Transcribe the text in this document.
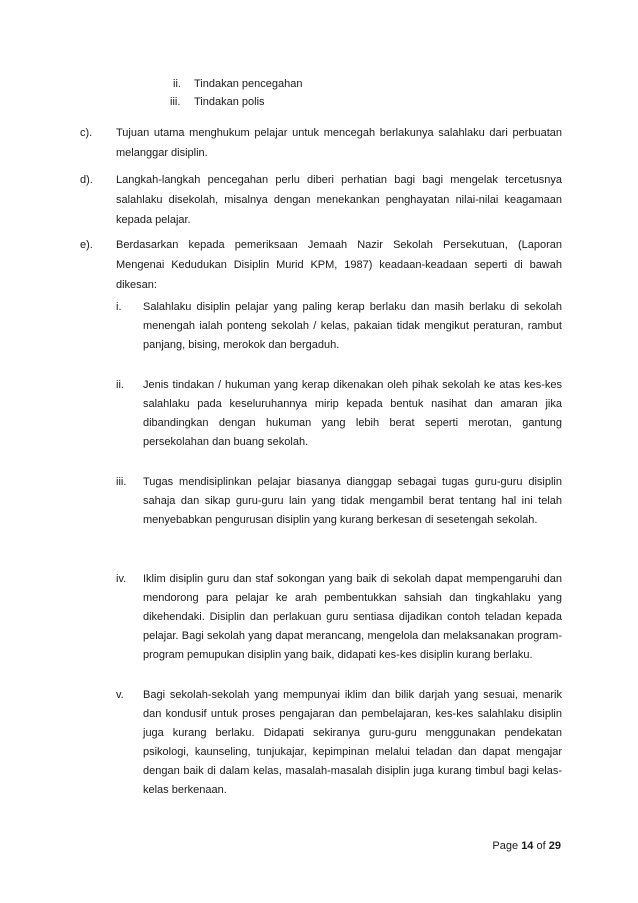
ii. Tindakan pencegahan
iii. Tindakan polis
c). Tujuan utama menghukum pelajar untuk mencegah berlakunya salahlaku dari perbuatan melanggar disiplin.
d). Langkah-langkah pencegahan perlu diberi perhatian bagi bagi mengelak tercetusnya salahlaku disekolah, misalnya dengan menekankan penghayatan nilai-nilai keagamaan kepada pelajar.
e). Berdasarkan kepada pemeriksaan Jemaah Nazir Sekolah Persekutuan, (Laporan Mengenai Kedudukan Disiplin Murid KPM, 1987) keadaan-keadaan seperti di bawah dikesan:
i. Salahlaku disiplin pelajar yang paling kerap berlaku dan masih berlaku di sekolah menengah ialah ponteng sekolah / kelas, pakaian tidak mengikut peraturan, rambut panjang, bising, merokok dan bergaduh.
ii. Jenis tindakan / hukuman yang kerap dikenakan oleh pihak sekolah ke atas kes-kes salahlaku pada keseluruhannya mirip kepada bentuk nasihat dan amaran jika dibandingkan dengan hukuman yang lebih berat seperti merotan, gantung persekolahan dan buang sekolah.
iii. Tugas mendisiplinkan pelajar biasanya dianggap sebagai tugas guru-guru disiplin sahaja dan sikap guru-guru lain yang tidak mengambil berat tentang hal ini telah menyebabkan pengurusan disiplin yang kurang berkesan di sesetengah sekolah.
iv. Iklim disiplin guru dan staf sokongan yang baik di sekolah dapat mempengaruhi dan mendorong para pelajar ke arah pembentukkan sahsiah dan tingkahlaku yang dikehendaki. Disiplin dan perlakuan guru sentiasa dijadikan contoh teladan kepada pelajar. Bagi sekolah yang dapat merancang, mengelola dan melaksanakan program-program pemupukan disiplin yang baik, didapati kes-kes disiplin kurang berlaku.
v. Bagi sekolah-sekolah yang mempunyai iklim dan bilik darjah yang sesuai, menarik dan kondusif untuk proses pengajaran dan pembelajaran, kes-kes salahlaku disiplin juga kurang berlaku. Didapati sekiranya guru-guru menggunakan pendekatan psikologi, kaunseling, tunjukajar, kepimpinan melalui teladan dan dapat mengajar dengan baik di dalam kelas, masalah-masalah disiplin juga kurang timbul bagi kelas-kelas berkenaan.
Page 14 of 29
